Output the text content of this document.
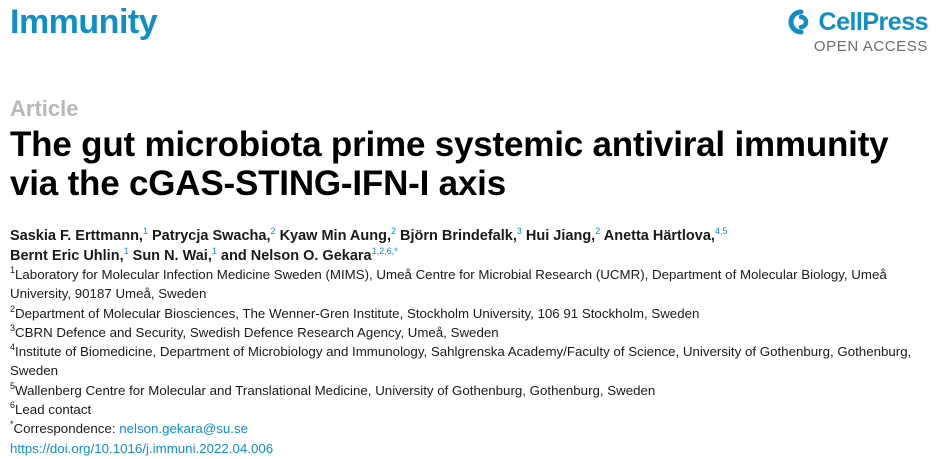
Immunity	CellPress
OPEN ACCESS
Article
The gut microbiota prime systemic antiviral immunity via the cGAS-STING-IFN-I axis
Saskia F. Erttmann,$^1$ Patrycja Swacha,$^2$ Kyaw Min Aung,$^2$ Björn Brindefalk,$^3$ Hui Jiang,$^2$ Anetta Härtlova,$^{4,5}$
Bernt Eric Uhlin,$^1$ Sun N. Wai,$^1$ and Nelson O. Gekara$^{1,2,6,*}$
$^1$Laboratory for Molecular Infection Medicine Sweden (MIMS), Umeå Centre for Microbial Research (UCMR), Department of Molecular Biology, Umeå University, 90187 Umeå, Sweden
$^2$Department of Molecular Biosciences, The Wenner-Gren Institute, Stockholm University, 106 91 Stockholm, Sweden
$^3$CBRN Defence and Security, Swedish Defence Research Agency, Umeå, Sweden
$^4$Institute of Biomedicine, Department of Microbiology and Immunology, Sahlgrenska Academy/Faculty of Science, University of Gothenburg, Gothenburg, Sweden
$^5$Wallenberg Centre for Molecular and Translational Medicine, University of Gothenburg, Gothenburg, Sweden
$^6$Lead contact
*Correspondence: nelson.gekara@su.se
https://doi.org/10.1016/j.immuni.2022.04.006
